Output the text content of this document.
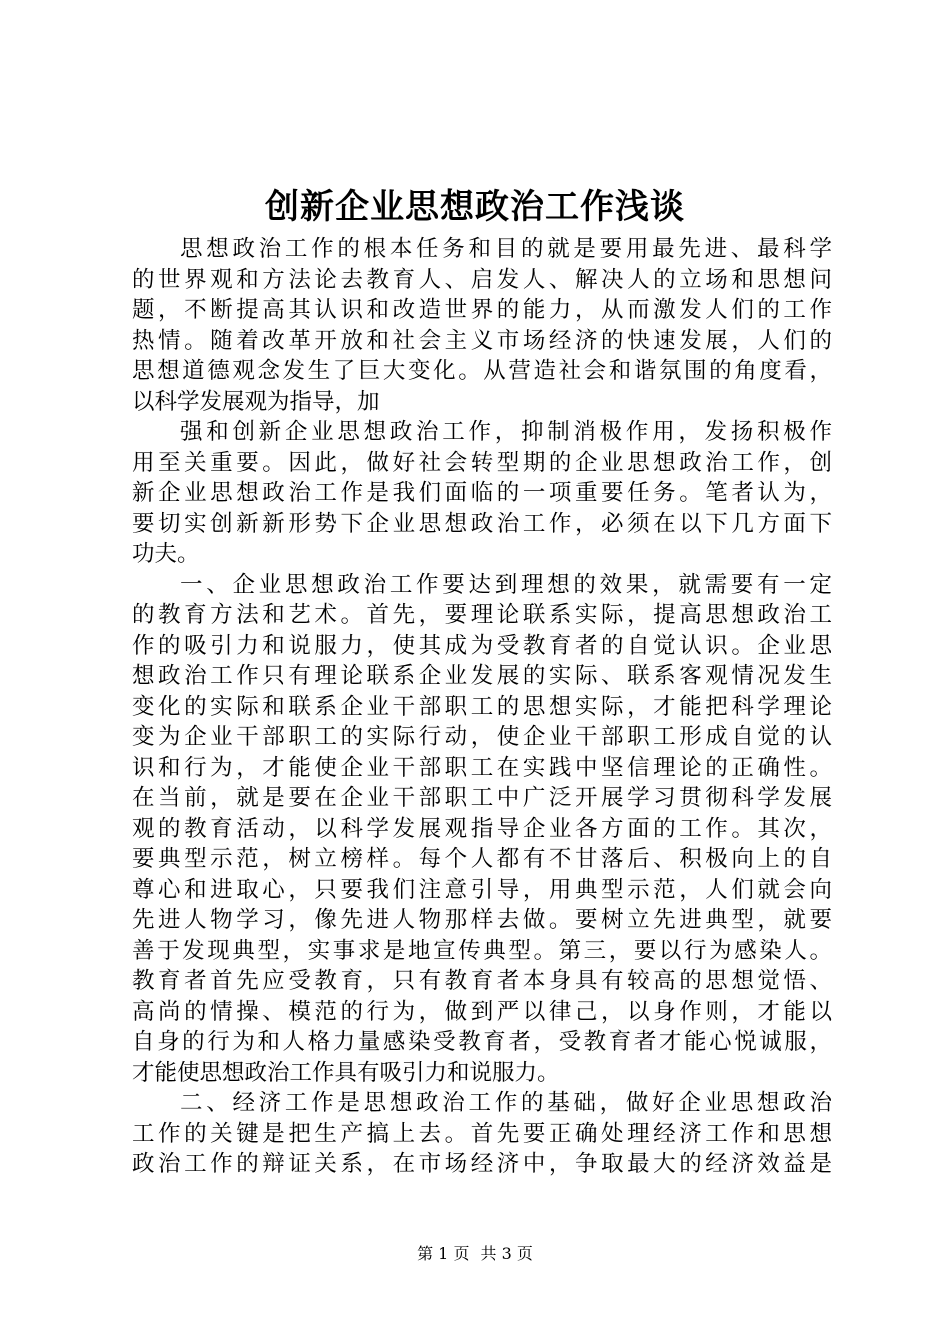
创新企业思想政治工作浅谈
思想政治工作的根本任务和目的就是要用最先进、最科学
的世界观和方法论去教育人、启发人、解决人的立场和思想问
题，不断提高其认识和改造世界的能力，从而激发人们的工作
热情。随着改革开放和社会主义市场经济的快速发展，人们的
思想道德观念发生了巨大变化。从营造社会和谐氛围的角度看，
以科学发展观为指导，加
强和创新企业思想政治工作，抑制消极作用，发扬积极作
用至关重要。因此，做好社会转型期的企业思想政治工作，创
新企业思想政治工作是我们面临的一项重要任务。笔者认为，
要切实创新新形势下企业思想政治工作，必须在以下几方面下
功夫。
一、企业思想政治工作要达到理想的效果，就需要有一定
的教育方法和艺术。首先，要理论联系实际，提高思想政治工
作的吸引力和说服力，使其成为受教育者的自觉认识。企业思
想政治工作只有理论联系企业发展的实际、联系客观情况发生
变化的实际和联系企业干部职工的思想实际，才能把科学理论
变为企业干部职工的实际行动，使企业干部职工形成自觉的认
识和行为，才能使企业干部职工在实践中坚信理论的正确性。
在当前，就是要在企业干部职工中广泛开展学习贯彻科学发展
观的教育活动，以科学发展观指导企业各方面的工作。其次，
要典型示范，树立榜样。每个人都有不甘落后、积极向上的自
尊心和进取心，只要我们注意引导，用典型示范，人们就会向
先进人物学习，像先进人物那样去做。要树立先进典型，就要
善于发现典型，实事求是地宣传典型。第三，要以行为感染人。
教育者首先应受教育，只有教育者本身具有较高的思想觉悟、
高尚的情操、模范的行为，做到严以律己，以身作则，才能以
自身的行为和人格力量感染受教育者，受教育者才能心悦诚服，
才能使思想政治工作具有吸引力和说服力。
二、经济工作是思想政治工作的基础，做好企业思想政治
工作的关键是把生产搞上去。首先要正确处理经济工作和思想
政治工作的辩证关系，在市场经济中，争取最大的经济效益是
第 1 页 共 3 页
